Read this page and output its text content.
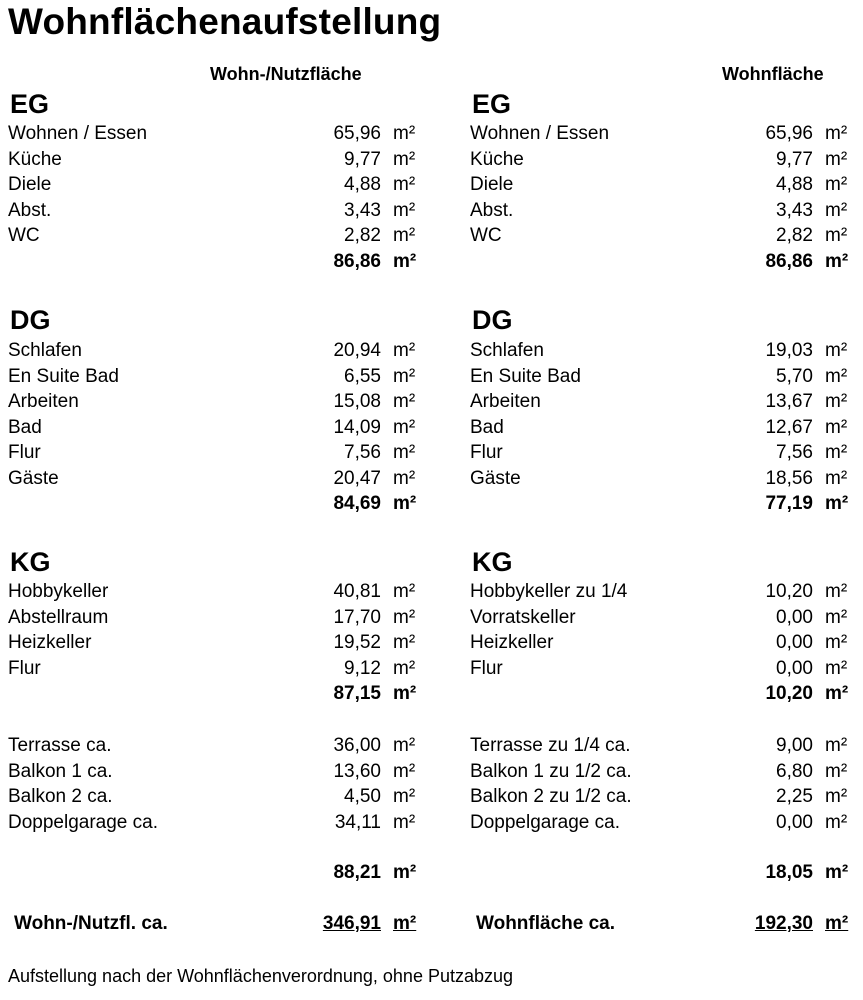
Wohnflächenaufstellung
Wohn-/Nutzfläche	Wohnfläche
EG
Wohnen / Essen	65,96 m²
Küche	9,77 m²
Diele	4,88 m²
Abst.	3,43 m²
WC	2,82 m²
86,86 m²
DG
Schlafen	20,94 m²
En Suite Bad	6,55 m²
Arbeiten	15,08 m²
Bad	14,09 m²
Flur	7,56 m²
Gäste	20,47 m²
84,69 m²
KG
Hobbykeller	40,81 m²
Abstellraum	17,70 m²
Heizkeller	19,52 m²
Flur	9,12 m²
87,15 m²
Terrasse ca.	36,00 m²
Balkon 1 ca.	13,60 m²
Balkon 2 ca.	4,50 m²
Doppelgarage ca.	34,11 m²
88,21 m²
Wohn-/Nutzfl. ca.	346,91 m²
EG
Wohnen / Essen	65,96 m²
Küche	9,77 m²
Diele	4,88 m²
Abst.	3,43 m²
WC	2,82 m²
86,86 m²
DG
Schlafen	19,03 m²
En Suite Bad	5,70 m²
Arbeiten	13,67 m²
Bad	12,67 m²
Flur	7,56 m²
Gäste	18,56 m²
77,19 m²
KG
Hobbykeller zu 1/4	10,20 m²
Vorratskeller	0,00 m²
Heizkeller	0,00 m²
Flur	0,00 m²
10,20 m²
Terrasse zu 1/4 ca.	9,00 m²
Balkon 1 zu 1/2 ca.	6,80 m²
Balkon 2 zu 1/2 ca.	2,25 m²
Doppelgarage ca.	0,00 m²
18,05 m²
Wohnfläche ca.	192,30 m²
Aufstellung nach der Wohnflächenverordnung, ohne Putzabzug
